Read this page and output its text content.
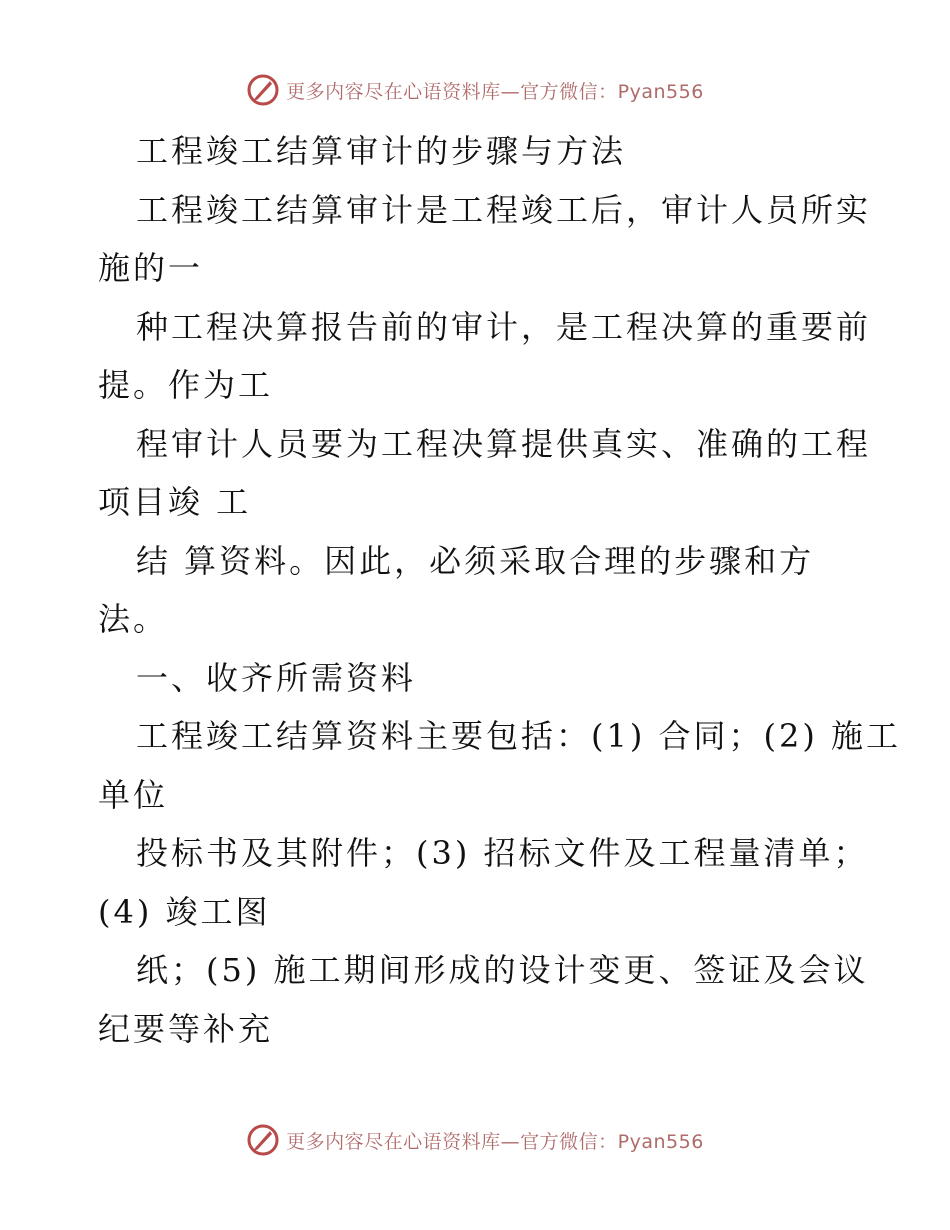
更多内容尽在心语资料库—官方微信：Pyan556
工程竣工结算审计的步骤与方法
工程竣工结算审计是工程竣工后，审计人员所实
施的一
种工程决算报告前的审计，是工程决算的重要前
提。作为工
程审计人员要为工程决算提供真实、准确的工程
项目竣 工
结 算资料。因此，必须采取合理的步骤和方
法。
一、收齐所需资料
工程竣工结算资料主要包括：(1) 合同；(2) 施工
单位
投标书及其附件；(3) 招标文件及工程量清单；
(4) 竣工图
纸；(5) 施工期间形成的设计变更、签证及会议
纪要等补充
更多内容尽在心语资料库—官方微信：Pyan556
